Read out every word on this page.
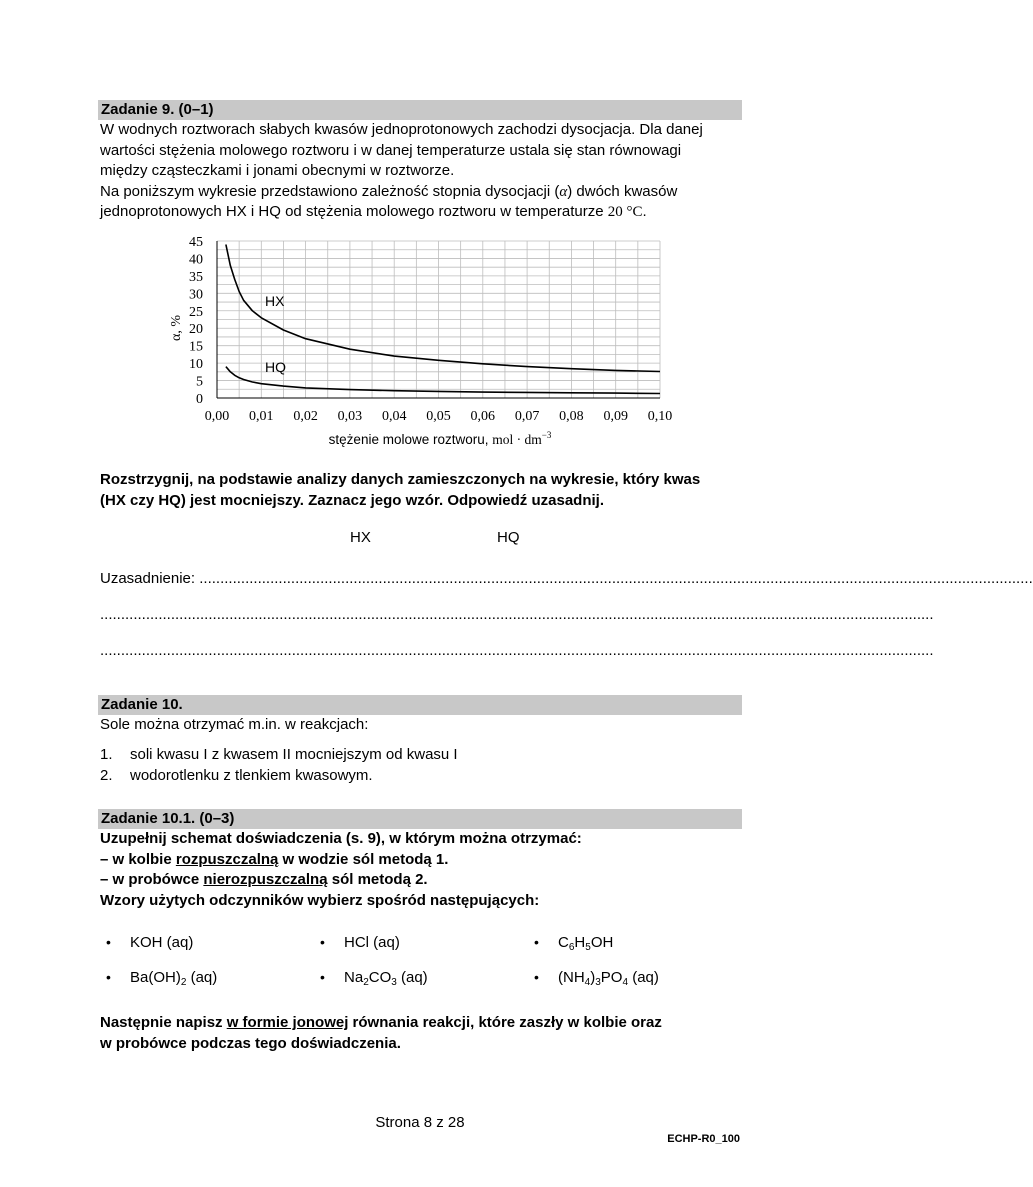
Zadanie 9. (0–1)
W wodnych roztworach słabych kwasów jednoprotonowych zachodzi dysocjacja. Dla danej
wartości stężenia molowego roztworu i w danej temperaturze ustala się stan równowagi
między cząsteczkami i jonami obecnymi w roztworze.
Na poniższym wykresie przedstawiono zależność stopnia dysocjacji (α) dwóch kwasów
jednoprotonowych HX i HQ od stężenia molowego roztworu w temperaturze 20 °C.
0,00 0,01 0,02 0,03 0,04 0,05 0,06 0,07 0,08 0,09 0,10
0
5
10
15
20
25
30
35
40
45
α, %
stężenie molowe roztworu, mol · $dm^{-3}$
HX
HQ
Rozstrzygnij, na podstawie analizy danych zamieszczonych na wykresie, który kwas
(HX czy HQ) jest mocniejszy. Zaznacz jego wzór. Odpowiedź uzasadnij.
HX	HQ
Uzasadnienie: ........................................................................................................................................................................................................
........................................................................................................................................................................................................
........................................................................................................................................................................................................
Zadanie 10.
Sole można otrzymać m.in. w reakcjach:
1. soli kwasu I z kwasem II mocniejszym od kwasu I
2. wodorotlenku z tlenkiem kwasowym.
Zadanie 10.1. (0–3)
Uzupełnij schemat doświadczenia (s. 9), w którym można otrzymać:
– w kolbie rozpuszczalną w wodzie sól metodą 1.
– w probówce nierozpuszczalną sól metodą 2.
Wzory użytych odczynników wybierz spośród następujących:
• KOH (aq)	• HCl (aq)	• $C_6H_5OH$
• $Ba(OH)_2$ (aq)	• $Na_2CO_3$ (aq)	• $(NH_4)_3PO_4$ (aq)
Następnie napisz w formie jonowej równania reakcji, które zaszły w kolbie oraz
w probówce podczas tego doświadczenia.
Strona 8 z 28
ECHP-R0_100
